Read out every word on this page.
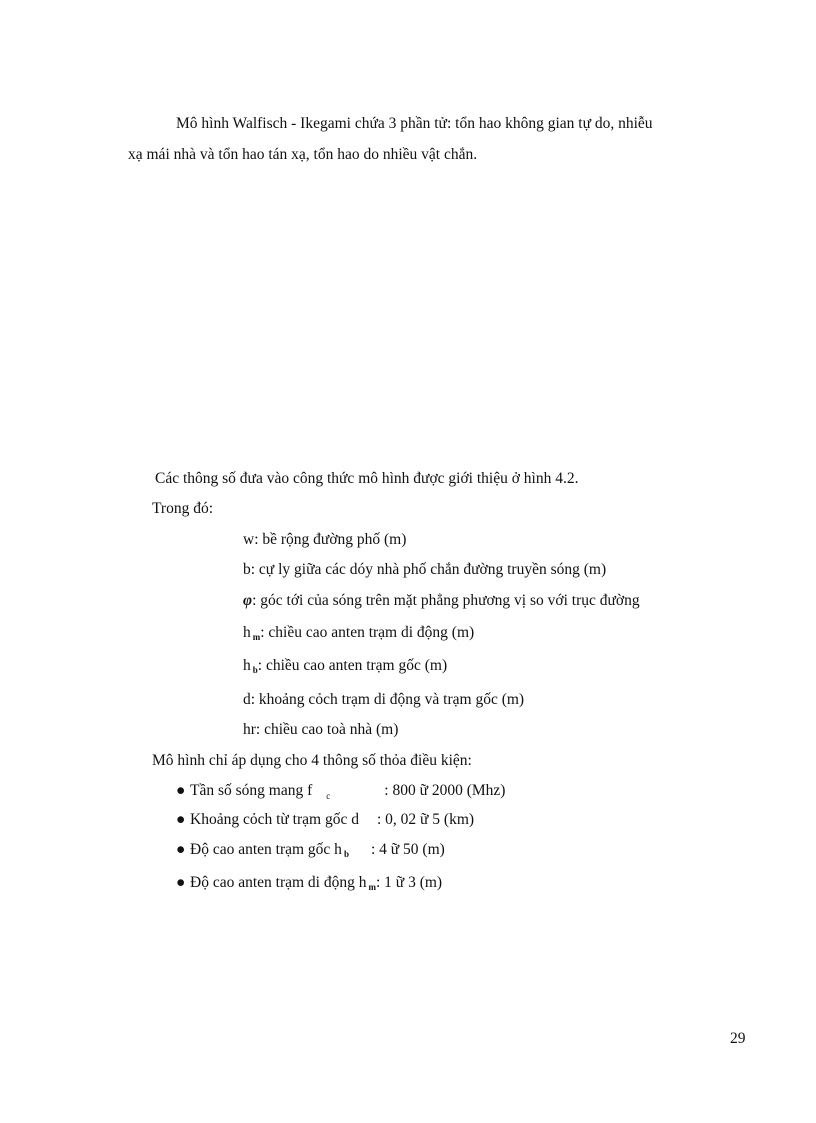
Mô hình Walfisch - Ikegami chứa 3 phần tử: tổn hao không gian tự do, nhiễu
xạ mái nhà và tổn hao tán xạ, tổn hao do nhiều vật chắn.
Các thông số đưa vào công thức mô hình được giới thiệu ở hình 4.2.
Trong đó:
w: bề rộng đường phố (m)
b: cự ly giữa các dóy nhà phố chắn đường truyền sóng (m)
φ: góc tới của sóng trên mặt phẳng phương vị so với trục đường
h $_m$: chiều cao anten trạm di động (m)
h $_b$: chiều cao anten trạm gốc (m)
d: khoảng cỏch trạm di động và trạm gốc (m)
hr: chiều cao toà nhà (m)
Mô hình chỉ áp dụng cho 4 thông số thỏa điều kiện:
● Tần số sóng mang f $_c$	: 800 ữ 2000 (Mhz)
● Khoảng cỏch từ trạm gốc d : 0, 02 ữ 5 (km)
● Độ cao anten trạm gốc h $_b$ : 4 ữ 50 (m)
● Độ cao anten trạm di động h $_m$: 1 ữ 3 (m)
29
